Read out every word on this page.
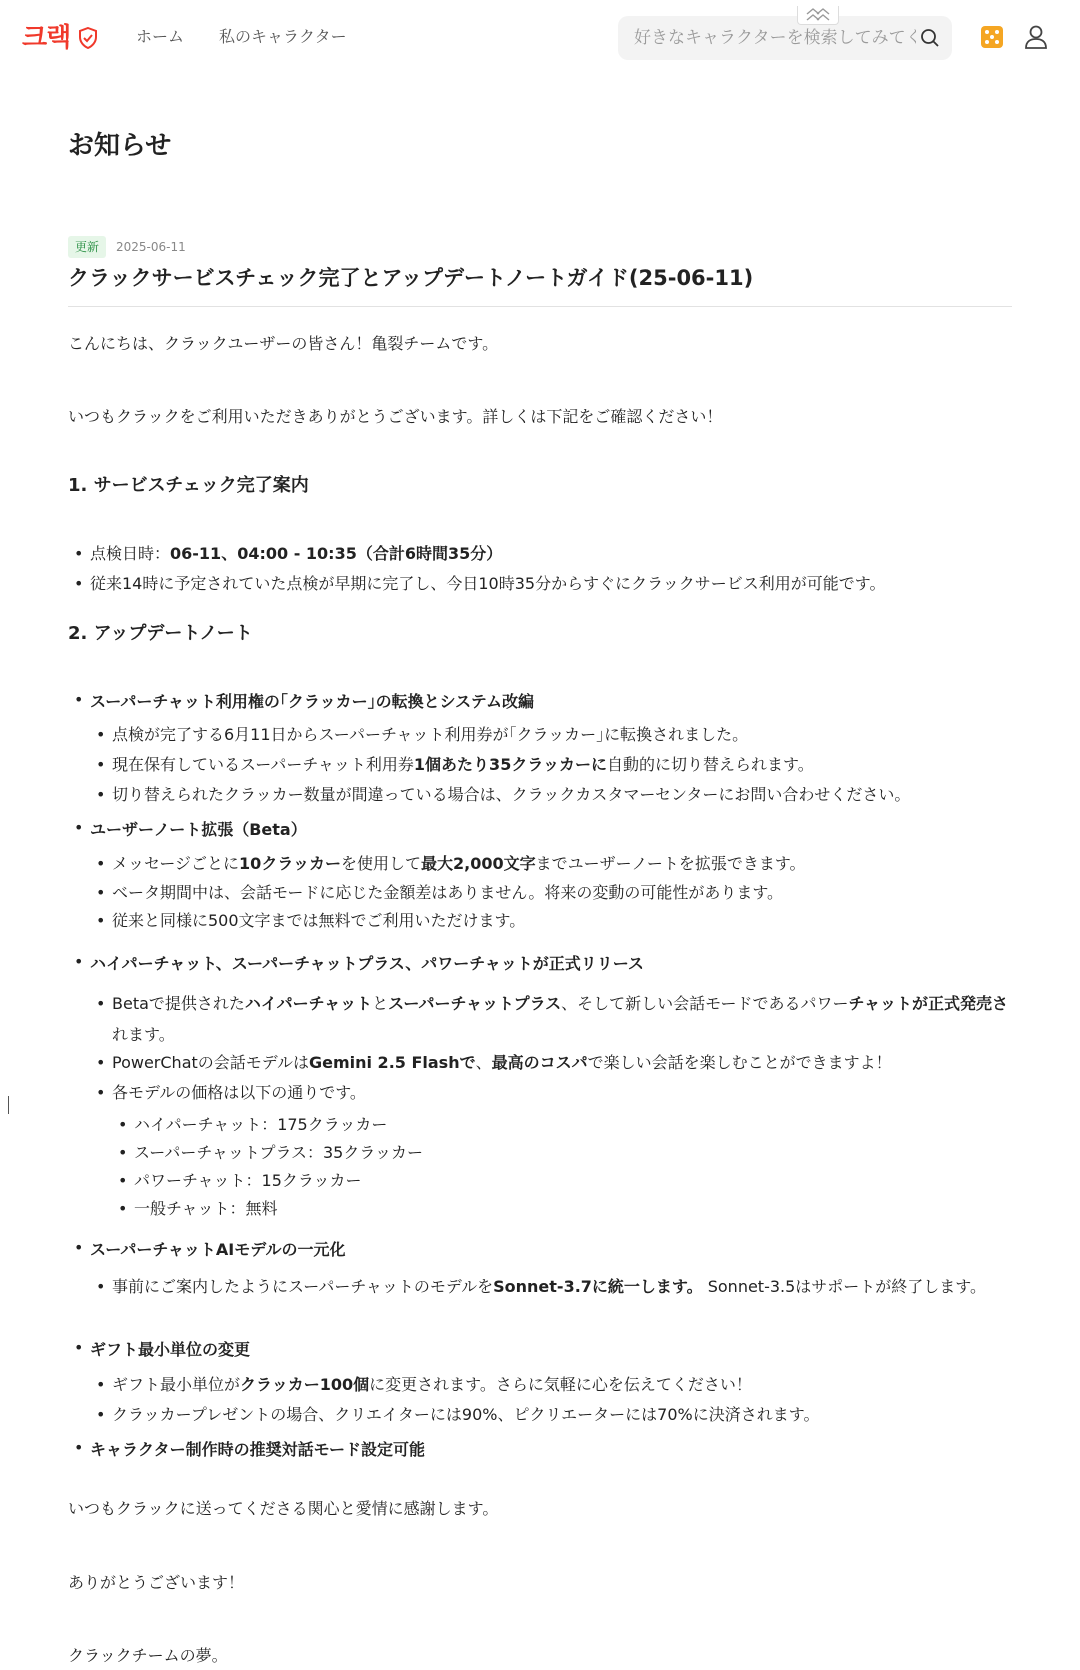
크랙	ホーム 私のキャラクター
好きなキャラクターを検索してみてください
お知らせ
更新	2025-06-11
クラックサービスチェック完了とアップデートノートガイド(25-06-11)
こんにちは、クラックユーザーの皆さん！亀裂チームです。
いつもクラックをご利用いただきありがとうございます。詳しくは下記をご確認ください！
1. サービスチェック完了案内
• 点検日時：06-11、04:00 - 10:35（合計6時間35分）
• 従来14時に予定されていた点検が早期に完了し、今日10時35分からすぐにクラックサービス利用が可能です。
2. アップデートノート
• スーパーチャット利用権の｢クラッカー｣の転換とシステム改編
• 点検が完了する6月11日からスーパーチャット利用券が｢クラッカー｣に転換されました。
• 現在保有しているスーパーチャット利用券1個あたり35クラッカーに自動的に切り替えられます。
• 切り替えられたクラッカー数量が間違っている場合は、クラックカスタマーセンターにお問い合わせください。
• ユーザーノート拡張（Beta）
• メッセージごとに10クラッカーを使用して最大2,000文字までユーザーノートを拡張できます。
• ベータ期間中は、会話モードに応じた金額差はありません。将来の変動の可能性があります。
• 従来と同様に500文字までは無料でご利用いただけます。
• ハイパーチャット、スーパーチャットプラス、パワーチャットが正式リリース
• Betaで提供されたハイパーチャットとスーパーチャットプラス、そして新しい会話モードであるパワーチャットが正式発売されます。
• PowerChatの会話モデルはGemini 2.5 Flashで、最高のコスパで楽しい会話を楽しむことができますよ！
• 各モデルの価格は以下の通りです。
• ハイパーチャット：175クラッカー
• スーパーチャットプラス：35クラッカー
• パワーチャット：15クラッカー
• 一般チャット：無料
• スーパーチャットAIモデルの一元化
• 事前にご案内したようにスーパーチャットのモデルをSonnet-3.7に統一します。 Sonnet-3.5はサポートが終了します。
• ギフト最小単位の変更
• ギフト最小単位がクラッカー100個に変更されます。さらに気軽に心を伝えてください！
• クラッカープレゼントの場合、クリエイターには90%、ピクリエーターには70%に決済されます。
• キャラクター制作時の推奨対話モード設定可能
いつもクラックに送ってくださる関心と愛情に感謝します。
ありがとうございます！
クラックチームの夢。
